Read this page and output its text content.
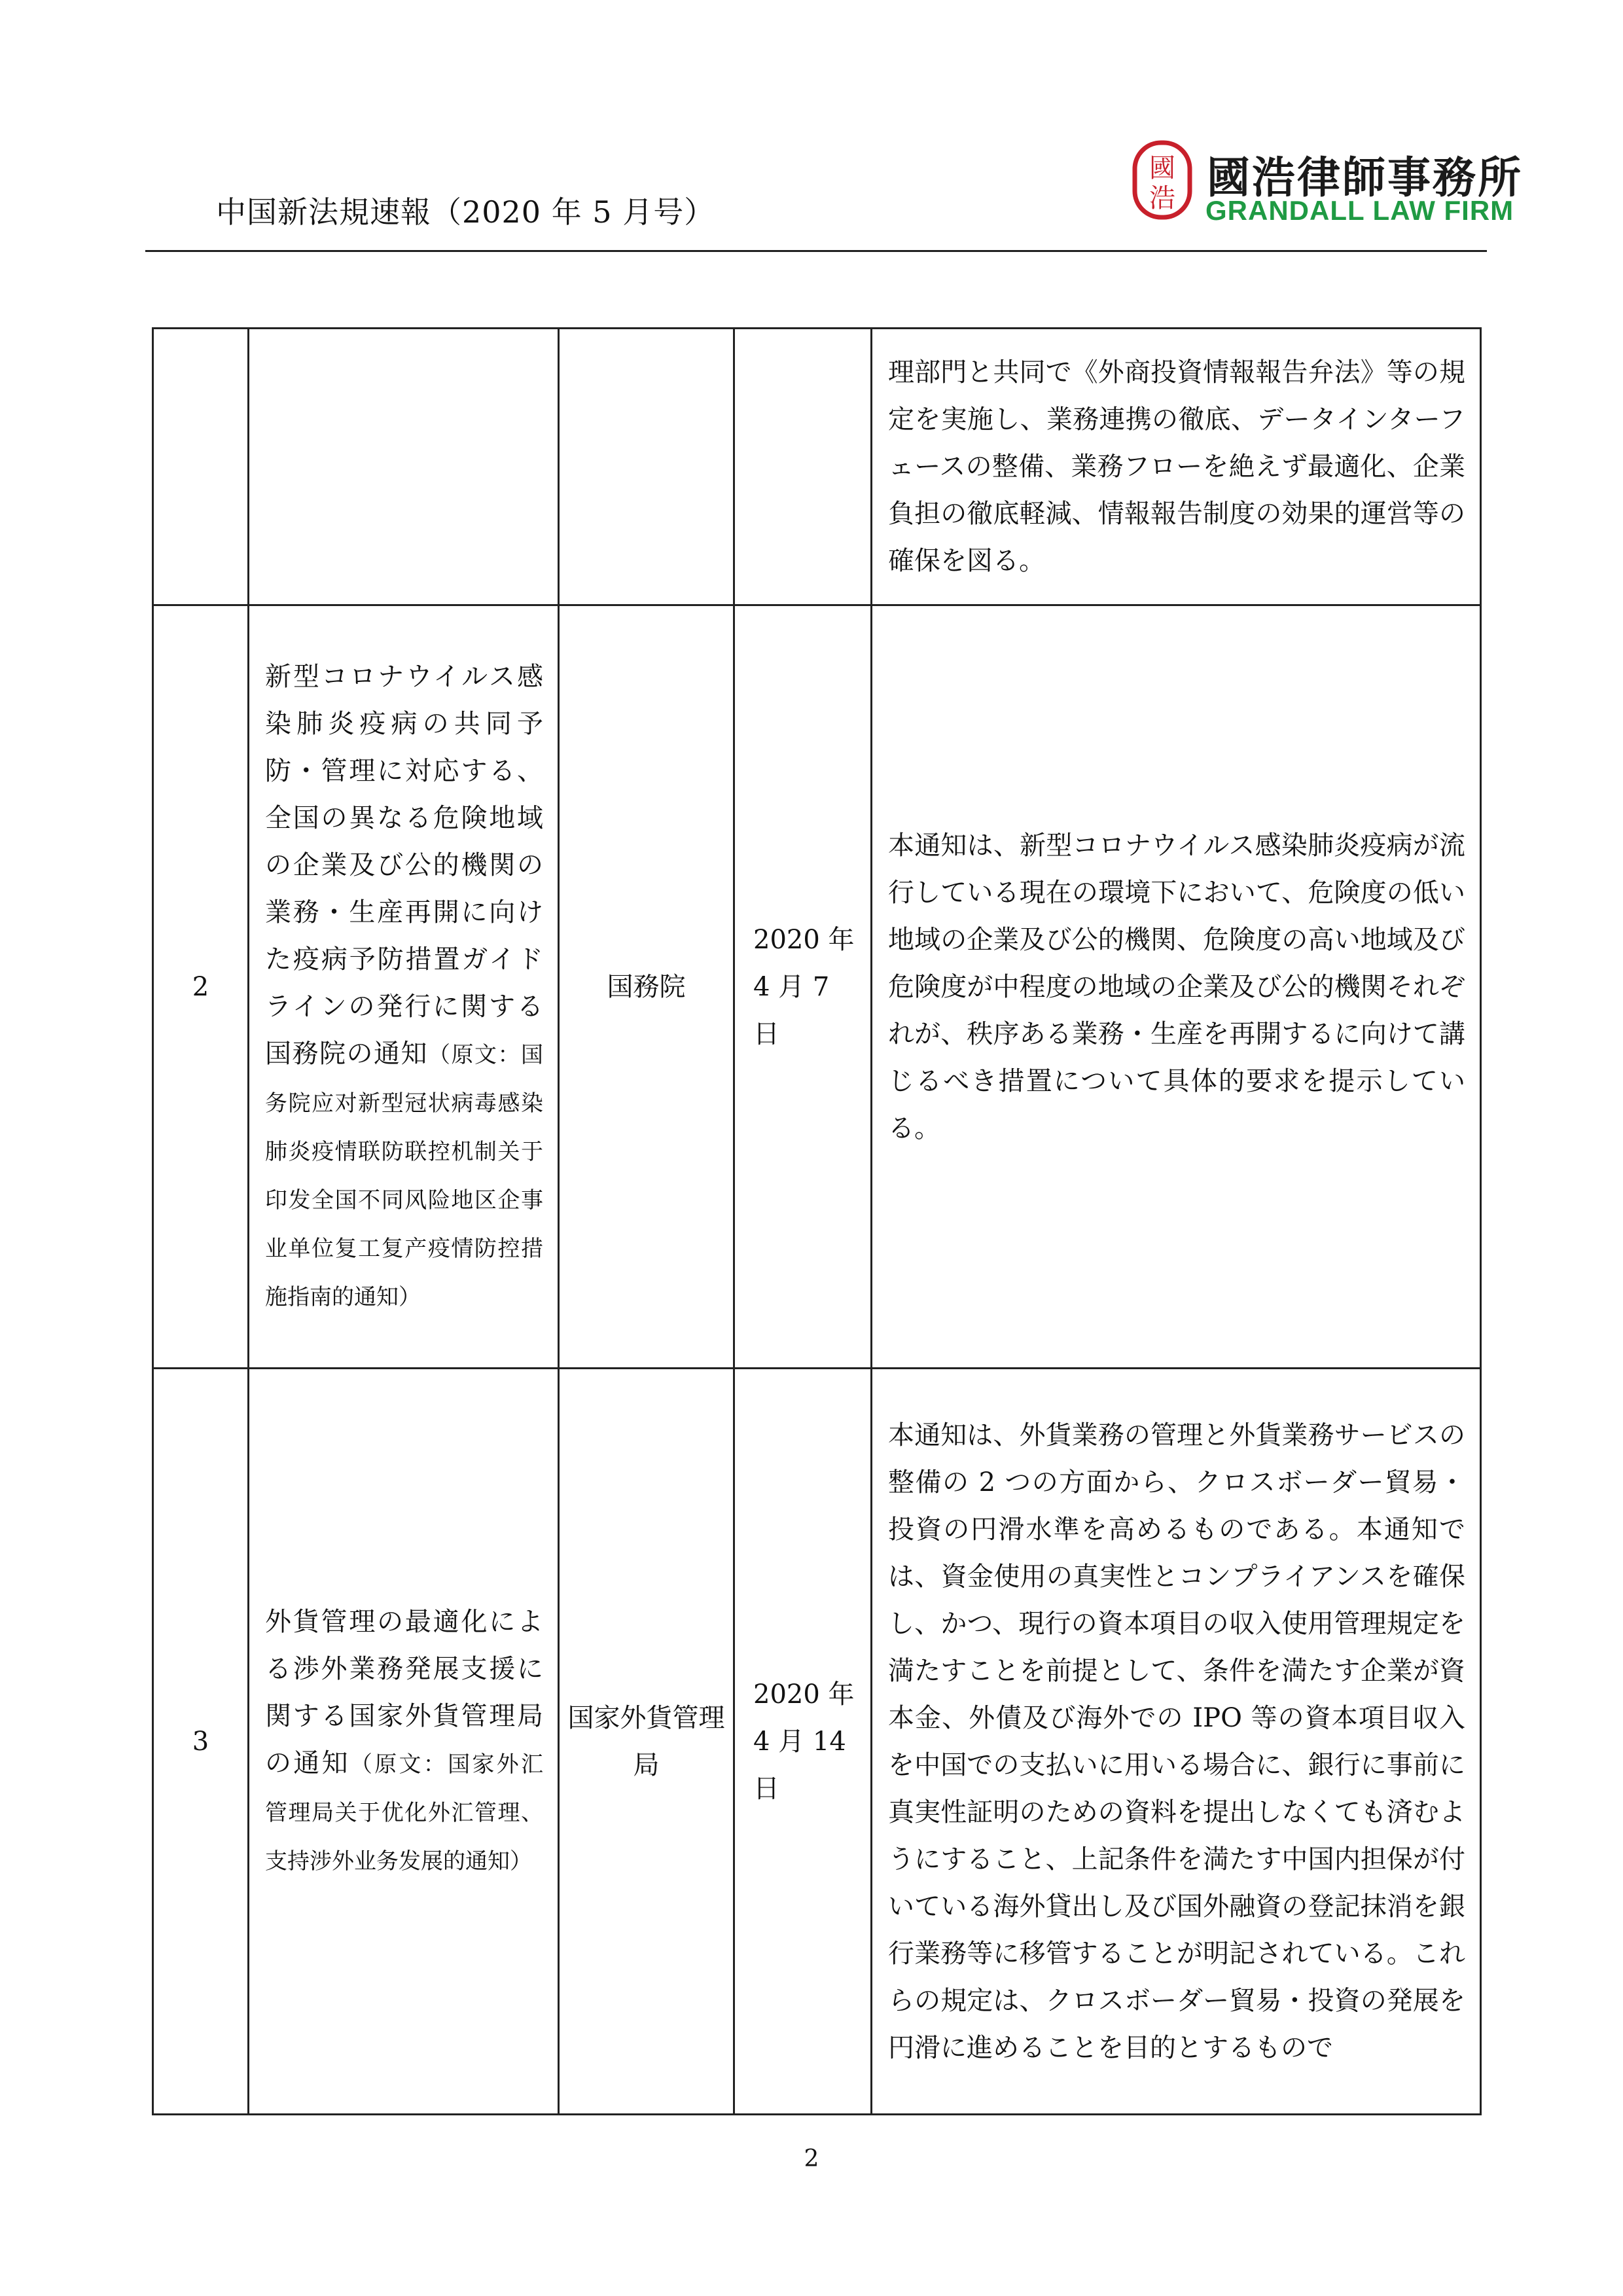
中国新法規速報（2020 年 5 月号）
國
浩 國浩律師事務所
GRANDALL LAW FIRM
				理部門と共同で《外商投資情報報告弁法》等の規定を実施し、業務連携の徹底、データインターフェースの整備、業務フローを絶えず最適化、企業負担の徹底軽減、情報報告制度の効果的運営等の確保を図る。
2	新型コロナウイルス感染肺炎疫病の共同予防・管理に対応する、全国の異なる危険地域の企業及び公的機関の業務・生産再開に向けた疫病予防措置ガイドラインの発行に関する国務院の通知（原文：国务院应对新型冠状病毒感染肺炎疫情联防联控机制关于印发全国不同风险地区企事业单位复工复产疫情防控措施指南的通知）	国務院	2020 年 4 月 7 日	本通知は、新型コロナウイルス感染肺炎疫病が流行している現在の環境下において、危険度の低い地域の企業及び公的機関、危険度の高い地域及び危険度が中程度の地域の企業及び公的機関それぞれが、秩序ある業務・生産を再開するに向けて講じるべき措置について具体的要求を提示している。
3	外貨管理の最適化による渉外業務発展支援に関する国家外貨管理局の通知（原文：国家外汇管理局关于优化外汇管理、支持涉外业务发展的通知）	国家外貨管理局	2020 年 4 月 14 日	本通知は、外貨業務の管理と外貨業務サービスの整備の 2 つの方面から、クロスボーダー貿易・投資の円滑水準を高めるものである。本通知では、資金使用の真実性とコンプライアンスを確保し、かつ、現行の資本項目の収入使用管理規定を満たすことを前提として、条件を満たす企業が資本金、外債及び海外での IPO 等の資本項目収入を中国での支払いに用いる場合に、銀行に事前に真実性証明のための資料を提出しなくても済むようにすること、上記条件を満たす中国内担保が付いている海外貸出し及び国外融資の登記抹消を銀行業務等に移管することが明記されている。これらの規定は、クロスボーダー貿易・投資の発展を円滑に進めることを目的とするもので
2
